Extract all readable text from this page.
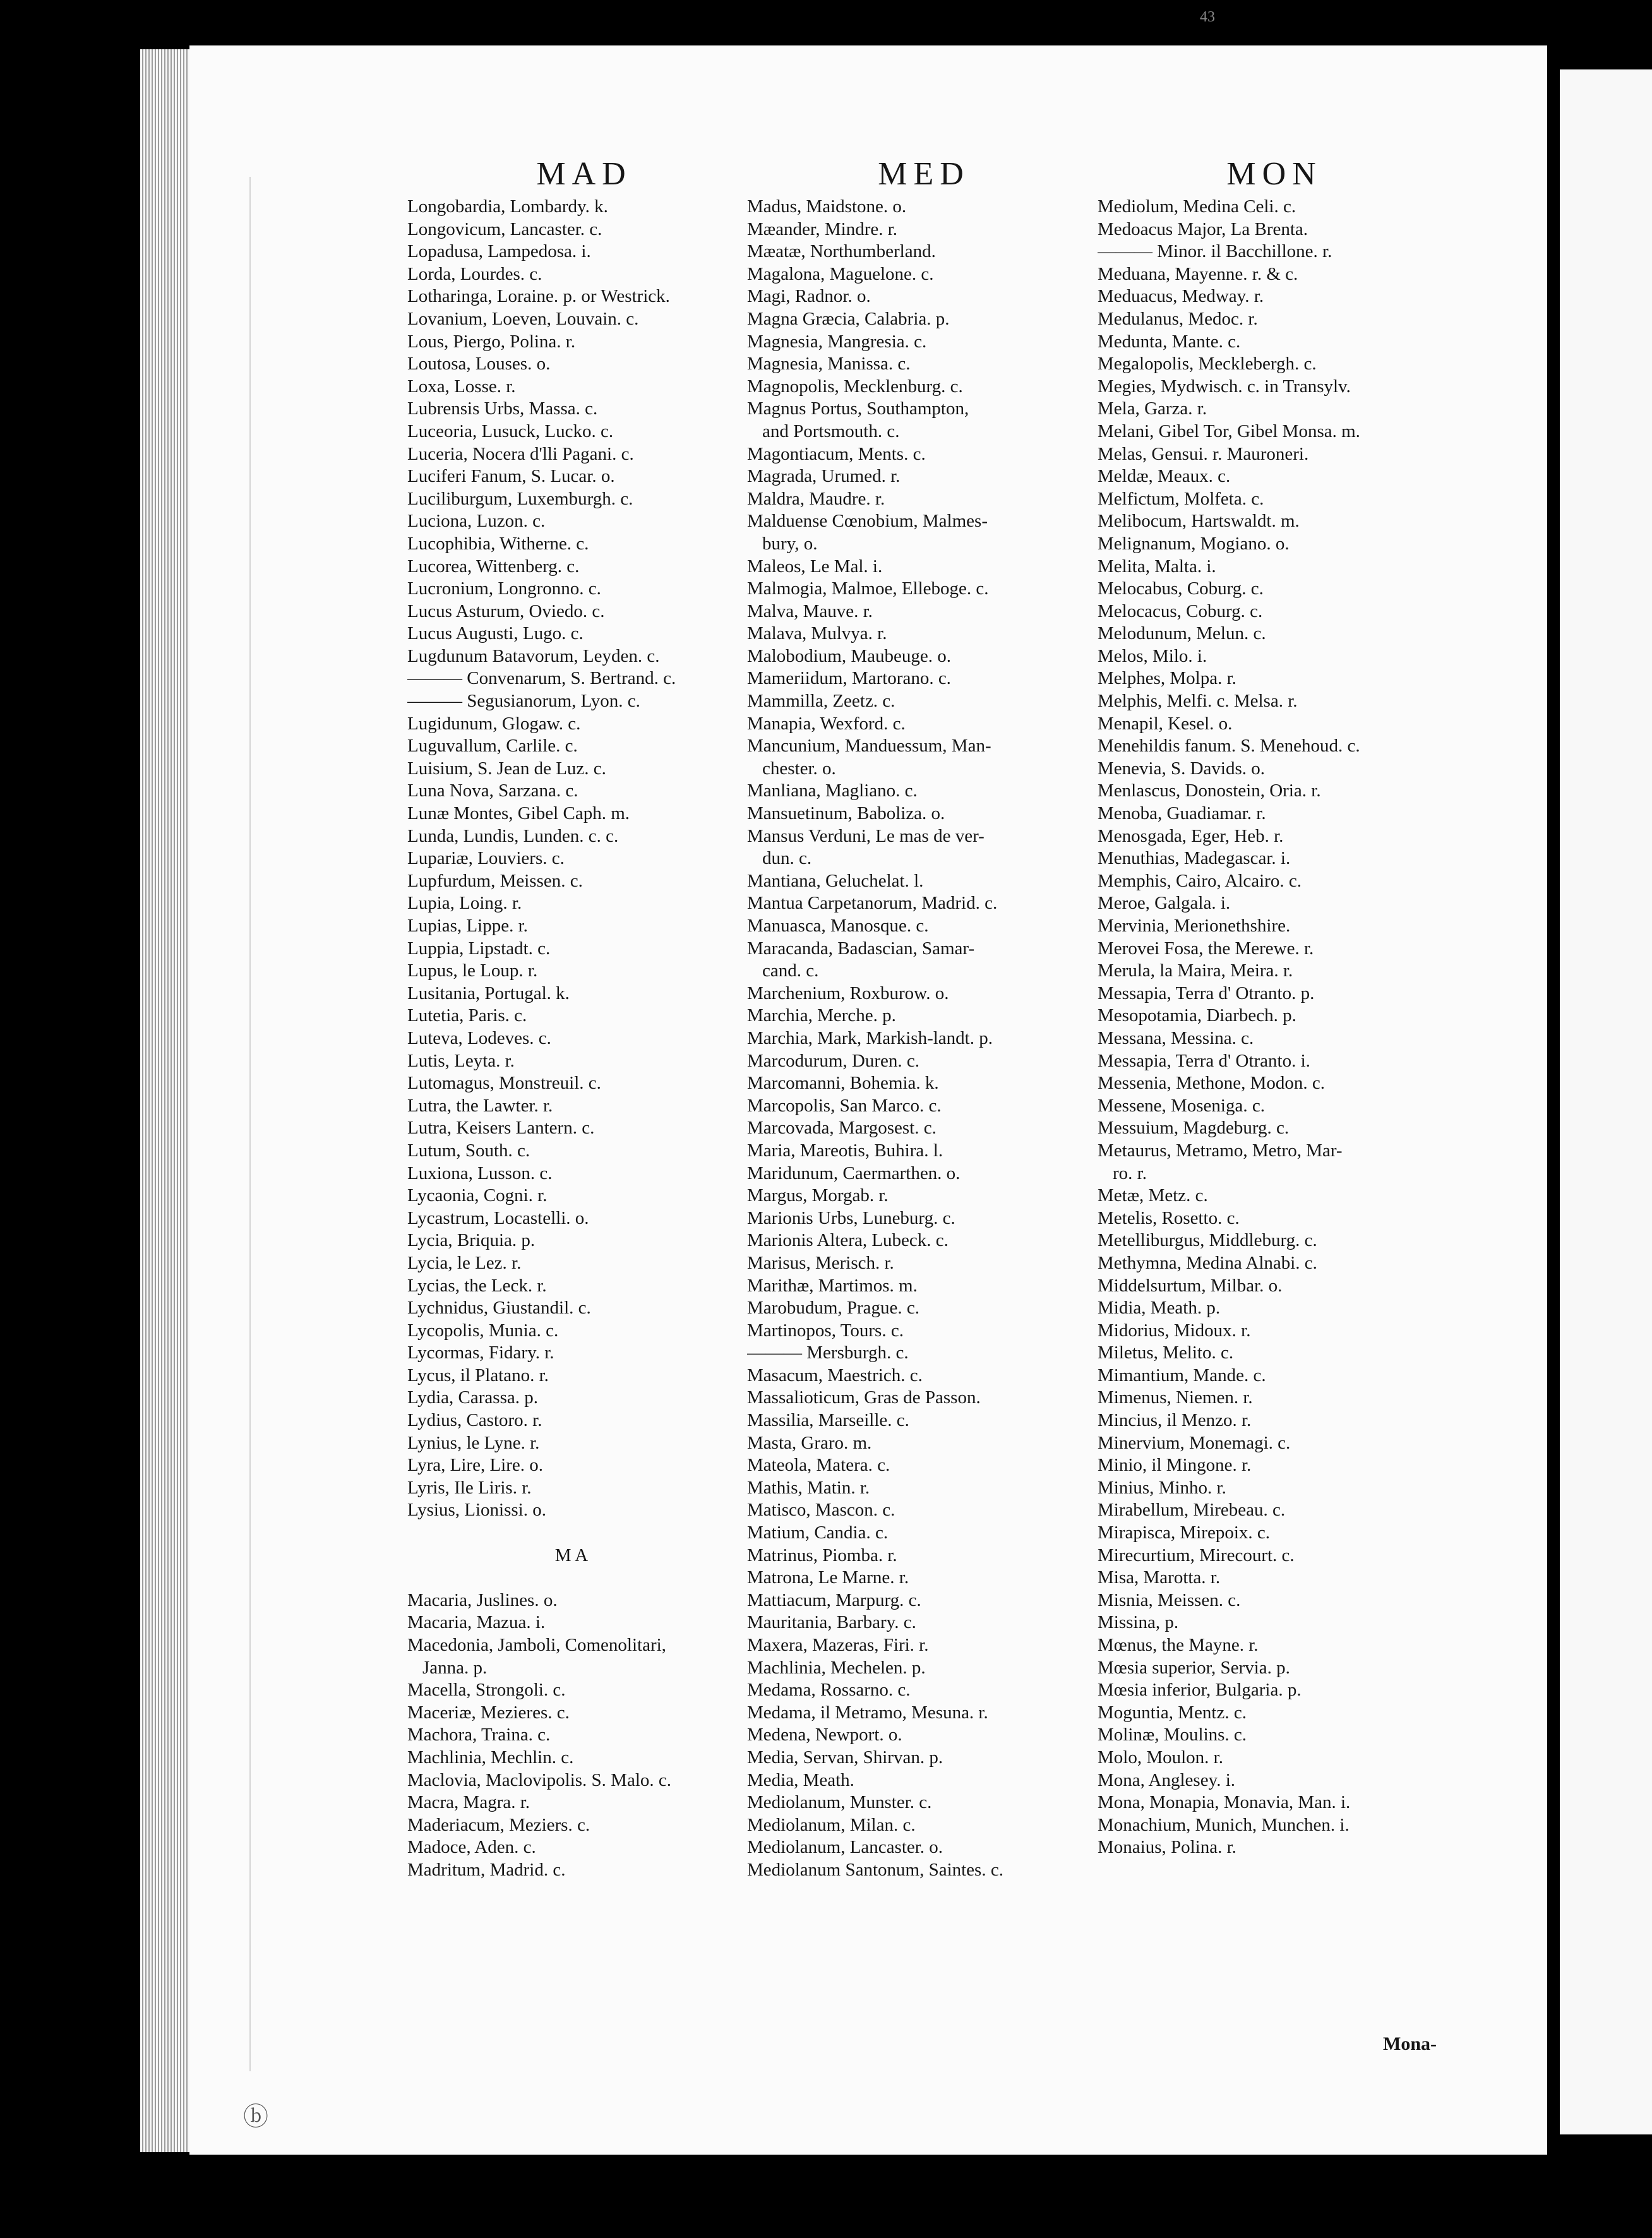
43
MAD
Longobardia, Lombardy. k.
Longovicum, Lancaster. c.
Lopadusa, Lampedosa. i.
Lorda, Lourdes. c.
Lotharinga, Loraine. p. or Westrick.
Lovanium, Loeven, Louvain. c.
Lous, Piergo, Polina. r.
Loutosa, Louses. o.
Loxa, Losse. r.
Lubrensis Urbs, Massa. c.
Luceoria, Lusuck, Lucko. c.
Luceria, Nocera d'lli Pagani. c.
Luciferi Fanum, S. Lucar. o.
Luciliburgum, Luxemburgh. c.
Luciona, Luzon. c.
Lucophibia, Witherne. c.
Lucorea, Wittenberg. c.
Lucronium, Longronno. c.
Lucus Asturum, Oviedo. c.
Lucus Augusti, Lugo. c.
Lugdunum Batavorum, Leyden. c.
——— Convenarum, S. Bertrand. c.
——— Segusianorum, Lyon. c.
Lugidunum, Glogaw. c.
Luguvallum, Carlile. c.
Luisium, S. Jean de Luz. c.
Luna Nova, Sarzana. c.
Lunæ Montes, Gibel Caph. m.
Lunda, Lundis, Lunden. c. c.
Lupariæ, Louviers. c.
Lupfurdum, Meissen. c.
Lupia, Loing. r.
Lupias, Lippe. r.
Luppia, Lipstadt. c.
Lupus, le Loup. r.
Lusitania, Portugal. k.
Lutetia, Paris. c.
Luteva, Lodeves. c.
Lutis, Leyta. r.
Lutomagus, Monstreuil. c.
Lutra, the Lawter. r.
Lutra, Keisers Lantern. c.
Lutum, South. c.
Luxiona, Lusson. c.
Lycaonia, Cogni. r.
Lycastrum, Locastelli. o.
Lycia, Briquia. p.
Lycia, le Lez. r.
Lycias, the Leck. r.
Lychnidus, Giustandil. c.
Lycopolis, Munia. c.
Lycormas, Fidary. r.
Lycus, il Platano. r.
Lydia, Carassa. p.
Lydius, Castoro. r.
Lynius, le Lyne. r.
Lyra, Lire, Lire. o.
Lyris, Ile Liris. r.
Lysius, Lionissi. o.
M A
Macaria, Juslines. o.
Macaria, Mazua. i.
Macedonia, Jamboli, Comenolitari,
Janna. p.
Macella, Strongoli. c.
Maceriæ, Mezieres. c.
Machora, Traina. c.
Machlinia, Mechlin. c.
Maclovia, Maclovipolis. S. Malo. c.
Macra, Magra. r.
Maderiacum, Meziers. c.
Madoce, Aden. c.
Madritum, Madrid. c.
MED
Madus, Maidstone. o.
Mæander, Mindre. r.
Mæatæ, Northumberland.
Magalona, Maguelone. c.
Magi, Radnor. o.
Magna Græcia, Calabria. p.
Magnesia, Mangresia. c.
Magnesia, Manissa. c.
Magnopolis, Mecklenburg. c.
Magnus Portus, Southampton,
and Portsmouth. c.
Magontiacum, Ments. c.
Magrada, Urumed. r.
Maldra, Maudre. r.
Malduense Cœnobium, Malmes-
bury, o.
Maleos, Le Mal. i.
Malmogia, Malmoe, Elleboge. c.
Malva, Mauve. r.
Malava, Mulvya. r.
Malobodium, Maubeuge. o.
Mameriidum, Martorano. c.
Mammilla, Zeetz. c.
Manapia, Wexford. c.
Mancunium, Manduessum, Man-
chester. o.
Manliana, Magliano. c.
Mansuetinum, Baboliza. o.
Mansus Verduni, Le mas de ver-
dun. c.
Mantiana, Geluchelat. l.
Mantua Carpetanorum, Madrid. c.
Manuasca, Manosque. c.
Maracanda, Badascian, Samar-
cand. c.
Marchenium, Roxburow. o.
Marchia, Merche. p.
Marchia, Mark, Markish-landt. p.
Marcodurum, Duren. c.
Marcomanni, Bohemia. k.
Marcopolis, San Marco. c.
Marcovada, Margosest. c.
Maria, Mareotis, Buhira. l.
Maridunum, Caermarthen. o.
Margus, Morgab. r.
Marionis Urbs, Luneburg. c.
Marionis Altera, Lubeck. c.
Marisus, Merisch. r.
Marithæ, Martimos. m.
Marobudum, Prague. c.
Martinopos, Tours. c.
——— Mersburgh. c.
Masacum, Maestrich. c.
Massalioticum, Gras de Passon.
Massilia, Marseille. c.
Masta, Graro. m.
Mateola, Matera. c.
Mathis, Matin. r.
Matisco, Mascon. c.
Matium, Candia. c.
Matrinus, Piomba. r.
Matrona, Le Marne. r.
Mattiacum, Marpurg. c.
Mauritania, Barbary. c.
Maxera, Mazeras, Firi. r.
Machlinia, Mechelen. p.
Medama, Rossarno. c.
Medama, il Metramo, Mesuna. r.
Medena, Newport. o.
Media, Servan, Shirvan. p.
Media, Meath.
Mediolanum, Munster. c.
Mediolanum, Milan. c.
Mediolanum, Lancaster. o.
Mediolanum Santonum, Saintes. c.
MON
Mediolum, Medina Celi. c.
Medoacus Major, La Brenta.
——— Minor. il Bacchillone. r.
Meduana, Mayenne. r. & c.
Meduacus, Medway. r.
Medulanus, Medoc. r.
Medunta, Mante. c.
Megalopolis, Mecklebergh. c.
Megies, Mydwisch. c. in Transylv.
Mela, Garza. r.
Melani, Gibel Tor, Gibel Monsa. m.
Melas, Gensui. r. Mauroneri.
Meldæ, Meaux. c.
Melfictum, Molfeta. c.
Melibocum, Hartswaldt. m.
Melignanum, Mogiano. o.
Melita, Malta. i.
Melocabus, Coburg. c.
Melocacus, Coburg. c.
Melodunum, Melun. c.
Melos, Milo. i.
Melphes, Molpa. r.
Melphis, Melfi. c. Melsa. r.
Menapil, Kesel. o.
Menehildis fanum. S. Menehoud. c.
Menevia, S. Davids. o.
Menlascus, Donostein, Oria. r.
Menoba, Guadiamar. r.
Menosgada, Eger, Heb. r.
Menuthias, Madegascar. i.
Memphis, Cairo, Alcairo. c.
Meroe, Galgala. i.
Mervinia, Merionethshire.
Merovei Fosa, the Merewe. r.
Merula, la Maira, Meira. r.
Messapia, Terra d' Otranto. p.
Mesopotamia, Diarbech. p.
Messana, Messina. c.
Messapia, Terra d' Otranto. i.
Messenia, Methone, Modon. c.
Messene, Moseniga. c.
Messuium, Magdeburg. c.
Metaurus, Metramo, Metro, Mar-
ro. r.
Metæ, Metz. c.
Metelis, Rosetto. c.
Metelliburgus, Middleburg. c.
Methymna, Medina Alnabi. c.
Middelsurtum, Milbar. o.
Midia, Meath. p.
Midorius, Midoux. r.
Miletus, Melito. c.
Mimantium, Mande. c.
Mimenus, Niemen. r.
Mincius, il Menzo. r.
Minervium, Monemagi. c.
Minio, il Mingone. r.
Minius, Minho. r.
Mirabellum, Mirebeau. c.
Mirapisca, Mirepoix. c.
Mirecurtium, Mirecourt. c.
Misa, Marotta. r.
Misnia, Meissen. c.
Missina, p.
Mœnus, the Mayne. r.
Mœsia superior, Servia. p.
Mœsia inferior, Bulgaria. p.
Moguntia, Mentz. c.
Molinæ, Moulins. c.
Molo, Moulon. r.
Mona, Anglesey. i.
Mona, Monapia, Monavia, Man. i.
Monachium, Munich, Munchen. i.
Monaius, Polina. r.
Mona-
ⓑ
